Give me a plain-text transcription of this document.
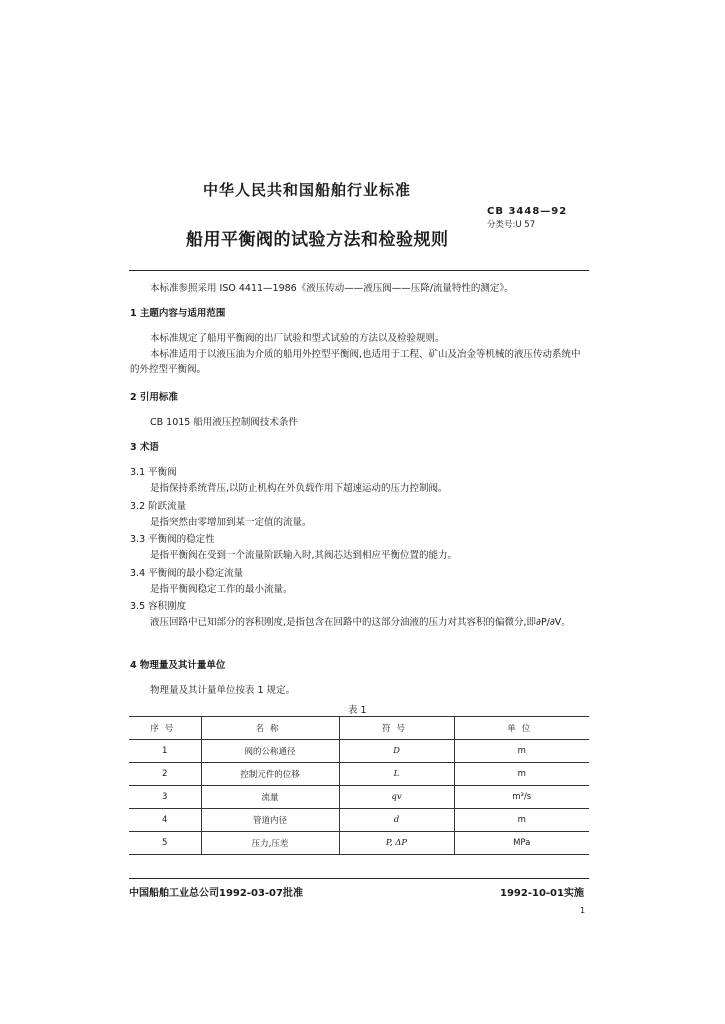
中华人民共和国船舶行业标准
CB 3448—92
分类号:U 57
船用平衡阀的试验方法和检验规则
本标准参照采用 ISO 4411—1986《液压传动——液压阀——压降/流量特性的测定》。
1 主题内容与适用范围
本标准规定了船用平衡阀的出厂试验和型式试验的方法以及检验规则。
本标准适用于以液压油为介质的船用外控型平衡阀,也适用于工程、矿山及冶金等机械的液压传动系统中的外控型平衡阀。
2 引用标准
CB 1015 船用液压控制阀技术条件
3 术语
3.1 平衡阀
是指保持系统背压,以防止机构在外负载作用下超速运动的压力控制阀。
3.2 阶跃流量
是指突然由零增加到某一定值的流量。
3.3 平衡阀的稳定性
是指平衡阀在受到一个流量阶跃输入时,其阀芯达到相应平衡位置的能力。
3.4 平衡阀的最小稳定流量
是指平衡阀稳定工作的最小流量。
3.5 容积刚度
液压回路中已知部分的容积刚度,是指包含在回路中的这部分油液的压力对其容积的偏微分,即∂P/∂V。
4 物理量及其计量单位
物理量及其计量单位按表 1 规定。
表 1
序号	名称	符号	单位
1	阀的公称通径	D	m
2	控制元件的位移	L	m
3	流量	qv	m³/s
4	管道内径	d	m
5	压力,压差	P, ΔP	MPa
中国船舶工业总公司1992-03-07批准	1992-10-01实施
1
